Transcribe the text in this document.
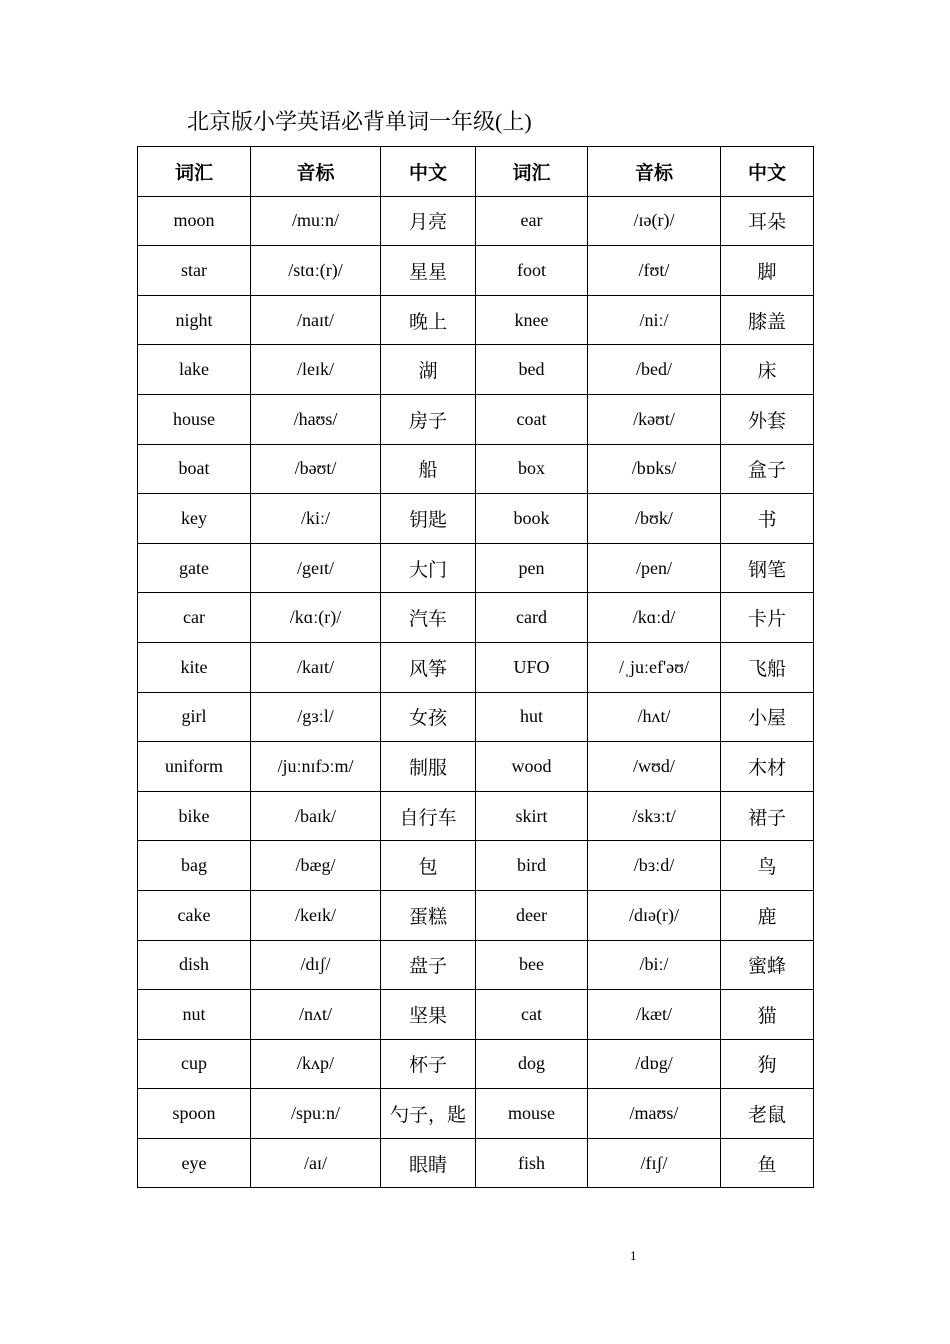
北京版小学英语必背单词一年级(上)
词汇	音标	中文	词汇	音标	中文
moon	/muːn/	月亮	ear	/ɪə(r)/	耳朵
star	/stɑː(r)/	星星	foot	/fʊt/	脚
night	/naɪt/	晚上	knee	/niː/	膝盖
lake	/leɪk/	湖	bed	/bed/	床
house	/haʊs/	房子	coat	/kəʊt/	外套
boat	/bəʊt/	船	box	/bɒks/	盒子
key	/kiː/	钥匙	book	/bʊk/	书
gate	/geɪt/	大门	pen	/pen/	钢笔
car	/kɑː(r)/	汽车	card	/kɑːd/	卡片
kite	/kaɪt/	风筝	UFO	/ˌjuːef'əʊ/	飞船
girl	/gɜːl/	女孩	hut	/hʌt/	小屋
uniform	/juːnɪfɔːm/	制服	wood	/wʊd/	木材
bike	/baɪk/	自行车	skirt	/skɜːt/	裙子
bag	/bæg/	包	bird	/bɜːd/	鸟
cake	/keɪk/	蛋糕	deer	/dɪə(r)/	鹿
dish	/dɪʃ/	盘子	bee	/biː/	蜜蜂
nut	/nʌt/	坚果	cat	/kæt/	猫
cup	/kʌp/	杯子	dog	/dɒg/	狗
spoon	/spuːn/	勺子，匙	mouse	/maʊs/	老鼠
eye	/aɪ/	眼睛	fish	/fɪʃ/	鱼
1
